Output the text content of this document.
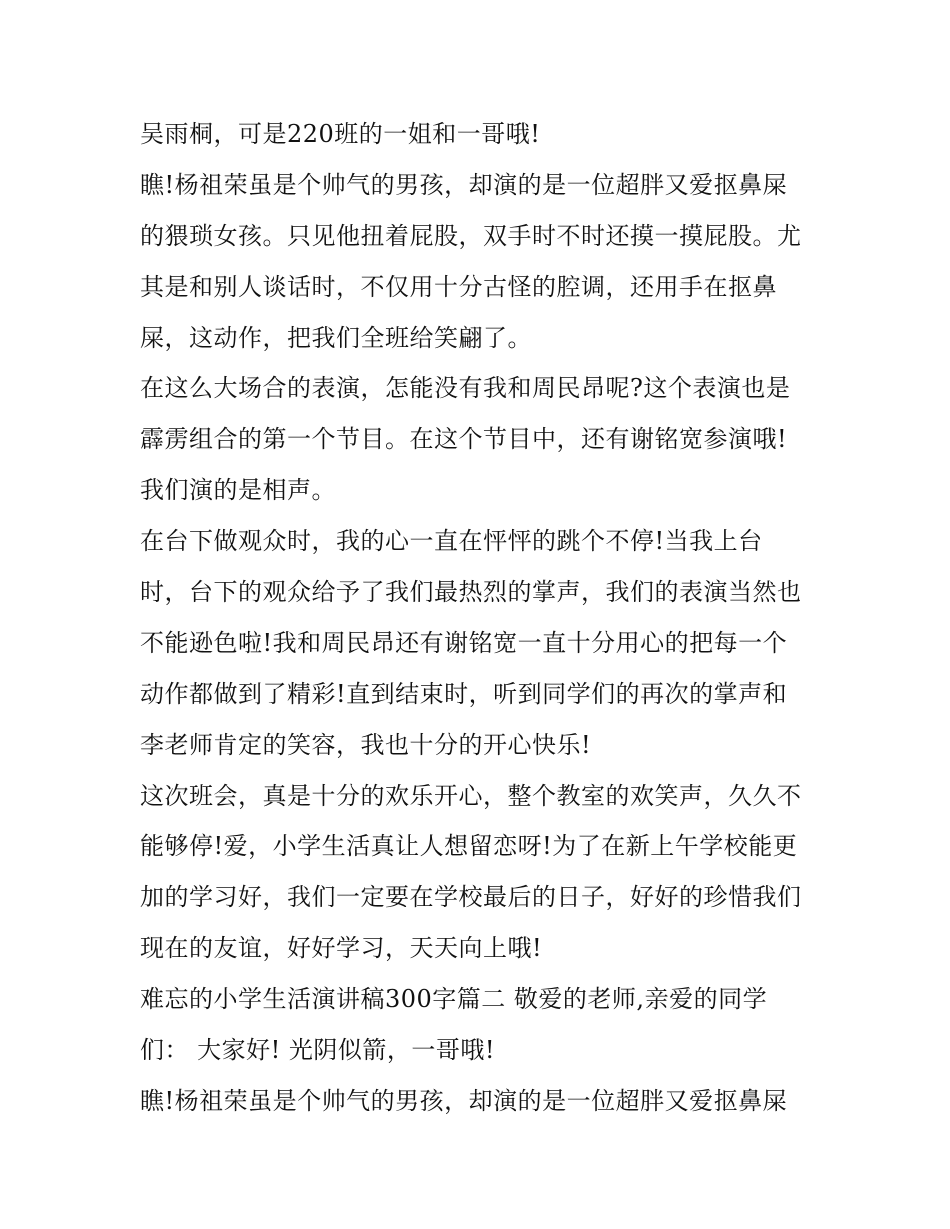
吴雨桐，可是220班的一姐和一哥哦!
瞧!杨祖荣虽是个帅气的男孩，却演的是一位超胖又爱抠鼻屎
的猥琐女孩。只见他扭着屁股，双手时不时还摸一摸屁股。尤
其是和别人谈话时，不仅用十分古怪的腔调，还用手在抠鼻
屎，这动作，把我们全班给笑翩了。
在这么大场合的表演，怎能没有我和周民昂呢?这个表演也是
霹雳组合的第一个节目。在这个节目中，还有谢铭宽参演哦!
我们演的是相声。
在台下做观众时，我的心一直在怦怦的跳个不停!当我上台
时，台下的观众给予了我们最热烈的掌声，我们的表演当然也
不能逊色啦!我和周民昂还有谢铭宽一直十分用心的把每一个
动作都做到了精彩!直到结束时，听到同学们的再次的掌声和
李老师肯定的笑容，我也十分的开心快乐!
这次班会，真是十分的欢乐开心，整个教室的欢笑声，久久不
能够停!爱，小学生活真让人想留恋呀!为了在新上午学校能更
加的学习好，我们一定要在学校最后的日子，好好的珍惜我们
现在的友谊，好好学习，天天向上哦!
难忘的小学生活演讲稿300字篇二 敬爱的老师,亲爱的同学
们： 大家好! 光阴似箭，一哥哦!
瞧!杨祖荣虽是个帅气的男孩，却演的是一位超胖又爱抠鼻屎
